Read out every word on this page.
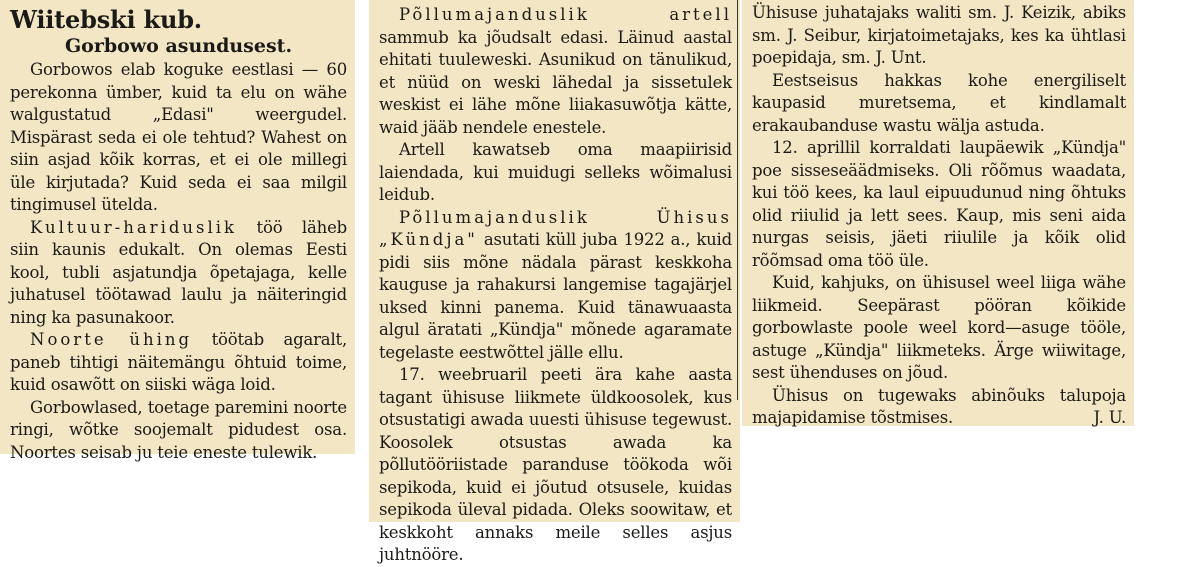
Wiitebski kub.
Gorbowo asundusest.

Gorbowos elab koguke eestlasi — 60 perekonna ümber, kuid ta elu on wähe walgustatud „Edasi" weergudel. Mispärast seda ei ole tehtud? Wahest on siin asjad kõik korras, et ei ole millegi üle kirjutada? Kuid seda ei saa milgil tingimusel ütelda.

Kultuur-hariduslik töö läheb siin kaunis edukalt. On olemas Eesti kool, tubli asjatundja õpetajaga, kelle juhatusel töötawad laulu ja näiteringid ning ka pasunakoor.

Noorte ühing töötab agaralt, paneb tihtigi näitemängu õhtuid toime, kuid osawõtt on siiski wäga loid.

Gorbowlased, toetage paremini noorte ringi, wõtke soojemalt pidudest osa. Noortes seisab ju teie eneste tulewik.

Põllumajanduslik artell sammub ka jõudsalt edasi. Läinud aastal ehitati tuuleweski. Asunikud on tänulikud, et nüüd on weski lähedal ja sissetulek weskist ei lähe mõne liiakasuwõtja kätte, waid jääb nendele enestele.

Artell kawatseb oma maapiirisid laiendada, kui muidugi selleks wõimalusi leidub.

Põllumajanduslik Ühisus „Kündja" asutati küll juba 1922 a., kuid pidi siis mõne nädala pärast keskkoha kauguse ja rahakursi langemise tagajärjel uksed kinni panema. Kuid tänawuaasta algul äratati „Kündja" mõnede agaramate tegelaste eestwõttel jälle ellu.

17. weebruaril peeti ära kahe aasta tagant ühisuse liikmete üldkoosolek, kus otsustatigi awada uuesti ühisuse tegewust. Koosolek otsustas awada ka põllutööriistade paranduse töökoda wõi sepikoda, kuid ei jõutud otsusele, kuidas sepikoda üleval pidada. Oleks soowitaw, et keskkoht annaks meile selles asjus juhtnööre.

Ühisuse juhatajaks waliti sm. J. Keizik, abiks sm. J. Seibur, kirjatoimetajaks, kes ka ühtlasi poepidaja, sm. J. Unt.

Eestseisus hakkas kohe energiliselt kaupasid muretsema, et kindlamalt erakaubanduse wastu wälja astuda.

12. aprillil korraldati laupäewik „Kündja" poe sisseseäädmiseks. Oli rõõmus waadata, kui töö kees, ka laul eipuudunud ning õhtuks olid riiulid ja lett sees. Kaup, mis seni aida nurgas seisis, jäeti riiulile ja kõik olid rõõmsad oma töö üle.

Kuid, kahjuks, on ühisusel weel liiga wähe liikmeid. Seepärast pööran kõikide gorbowlaste poole weel kord—asuge tööle, astuge „Kündja" liikmeteks. Ärge wiiwitage, sest ühenduses on jõud.

Ühisus on tugewaks abinõuks talupoja majapidamise tõstmises.	J. U.
